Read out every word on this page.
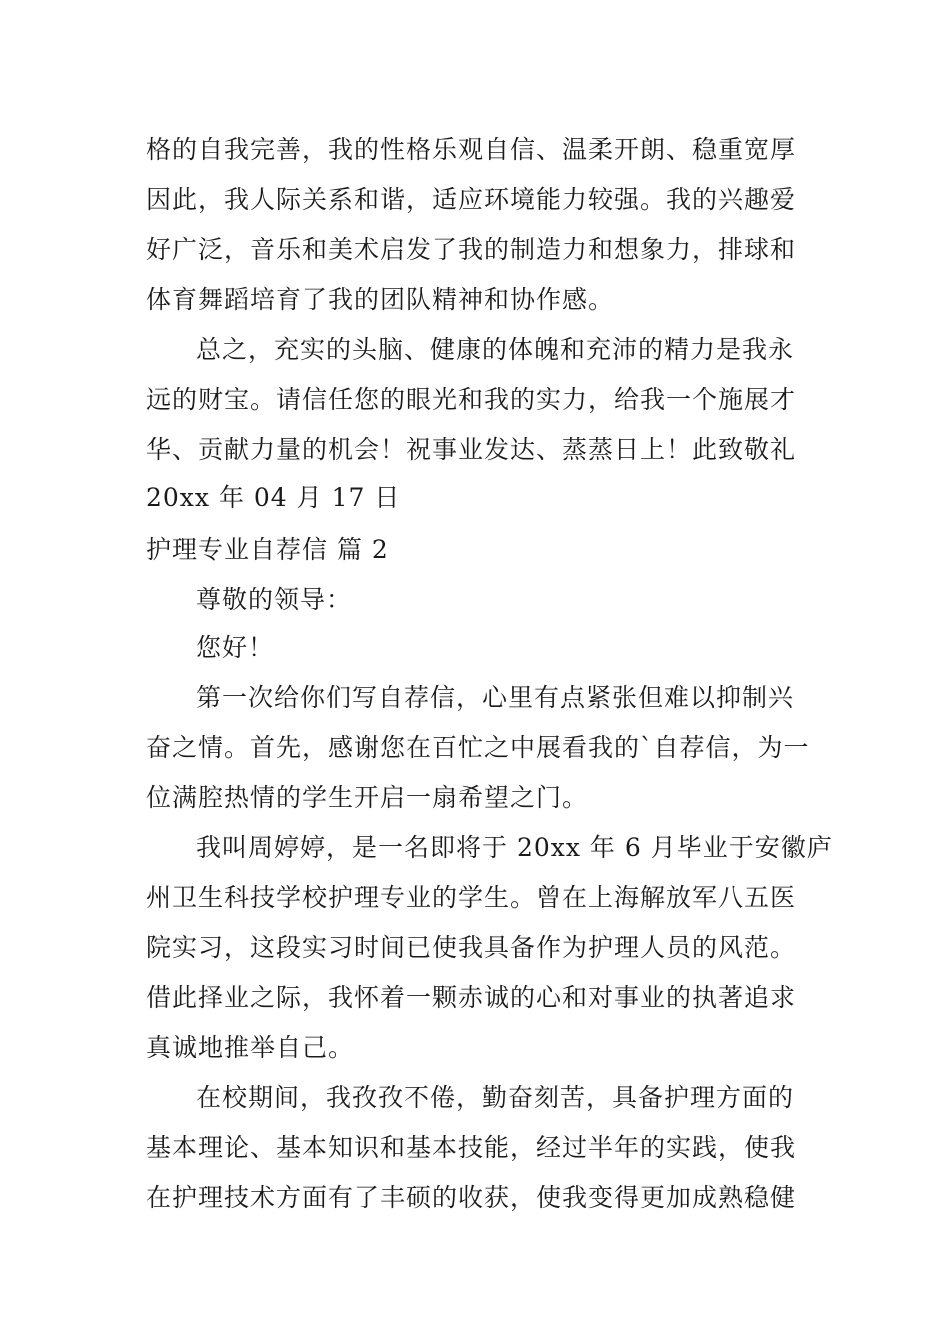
格的自我完善，我的性格乐观自信、温柔开朗、稳重宽厚
因此，我人际关系和谐，适应环境能力较强。我的兴趣爱
好广泛，音乐和美术启发了我的制造力和想象力，排球和
体育舞蹈培育了我的团队精神和协作感。
总之，充实的头脑、健康的体魄和充沛的精力是我永
远的财宝。请信任您的眼光和我的实力，给我一个施展才
华、贡献力量的机会！祝事业发达、蒸蒸日上！此致敬礼
20xx 年 04 月 17 日
护理专业自荐信 篇 2
尊敬的领导：
您好！
第一次给你们写自荐信，心里有点紧张但难以抑制兴
奋之情。首先，感谢您在百忙之中展看我的`自荐信，为一
位满腔热情的学生开启一扇希望之门。
我叫周婷婷，是一名即将于 20xx 年 6 月毕业于安徽庐
州卫生科技学校护理专业的学生。曾在上海解放军八五医
院实习，这段实习时间已使我具备作为护理人员的风范。
借此择业之际，我怀着一颗赤诚的心和对事业的执著追求
真诚地推举自己。
在校期间，我孜孜不倦，勤奋刻苦，具备护理方面的
基本理论、基本知识和基本技能，经过半年的实践，使我
在护理技术方面有了丰硕的收获，使我变得更加成熟稳健
